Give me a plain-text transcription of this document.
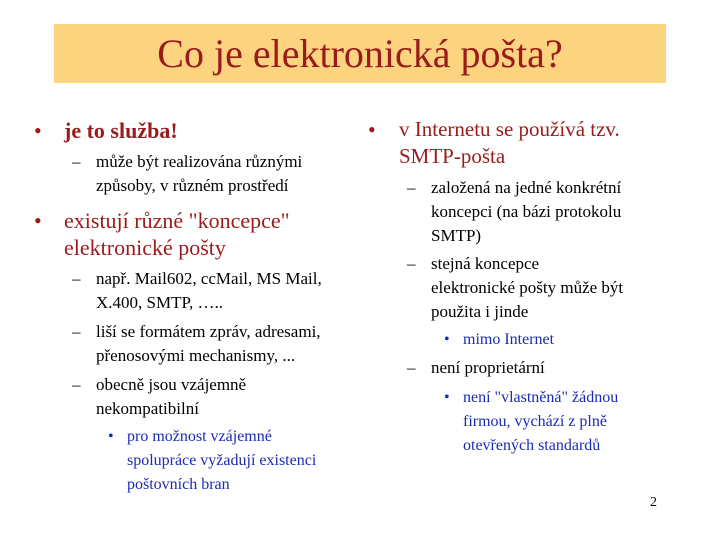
Co je elektronická pošta?
• je to služba!
– může být realizována různými
způsoby, v různém prostředí
• existují různé "koncepce"
elektronické pošty
– např. Mail602, ccMail, MS Mail,
X.400, SMTP, …..
– liší se formátem zpráv, adresami,
přenosovými mechanismy, ...
– obecně jsou vzájemně
nekompatibilní
• pro možnost vzájemné
spolupráce vyžadují existenci
poštovních bran
• v Internetu se používá tzv.
SMTP-pošta
– založená na jedné konkrétní
koncepci (na bázi protokolu
SMTP)
– stejná koncepce
elektronické pošty může být
použita i jinde
• mimo Internet
– není proprietární
• není "vlastněná" žádnou
firmou, vychází z plně
otevřených standardů
2
